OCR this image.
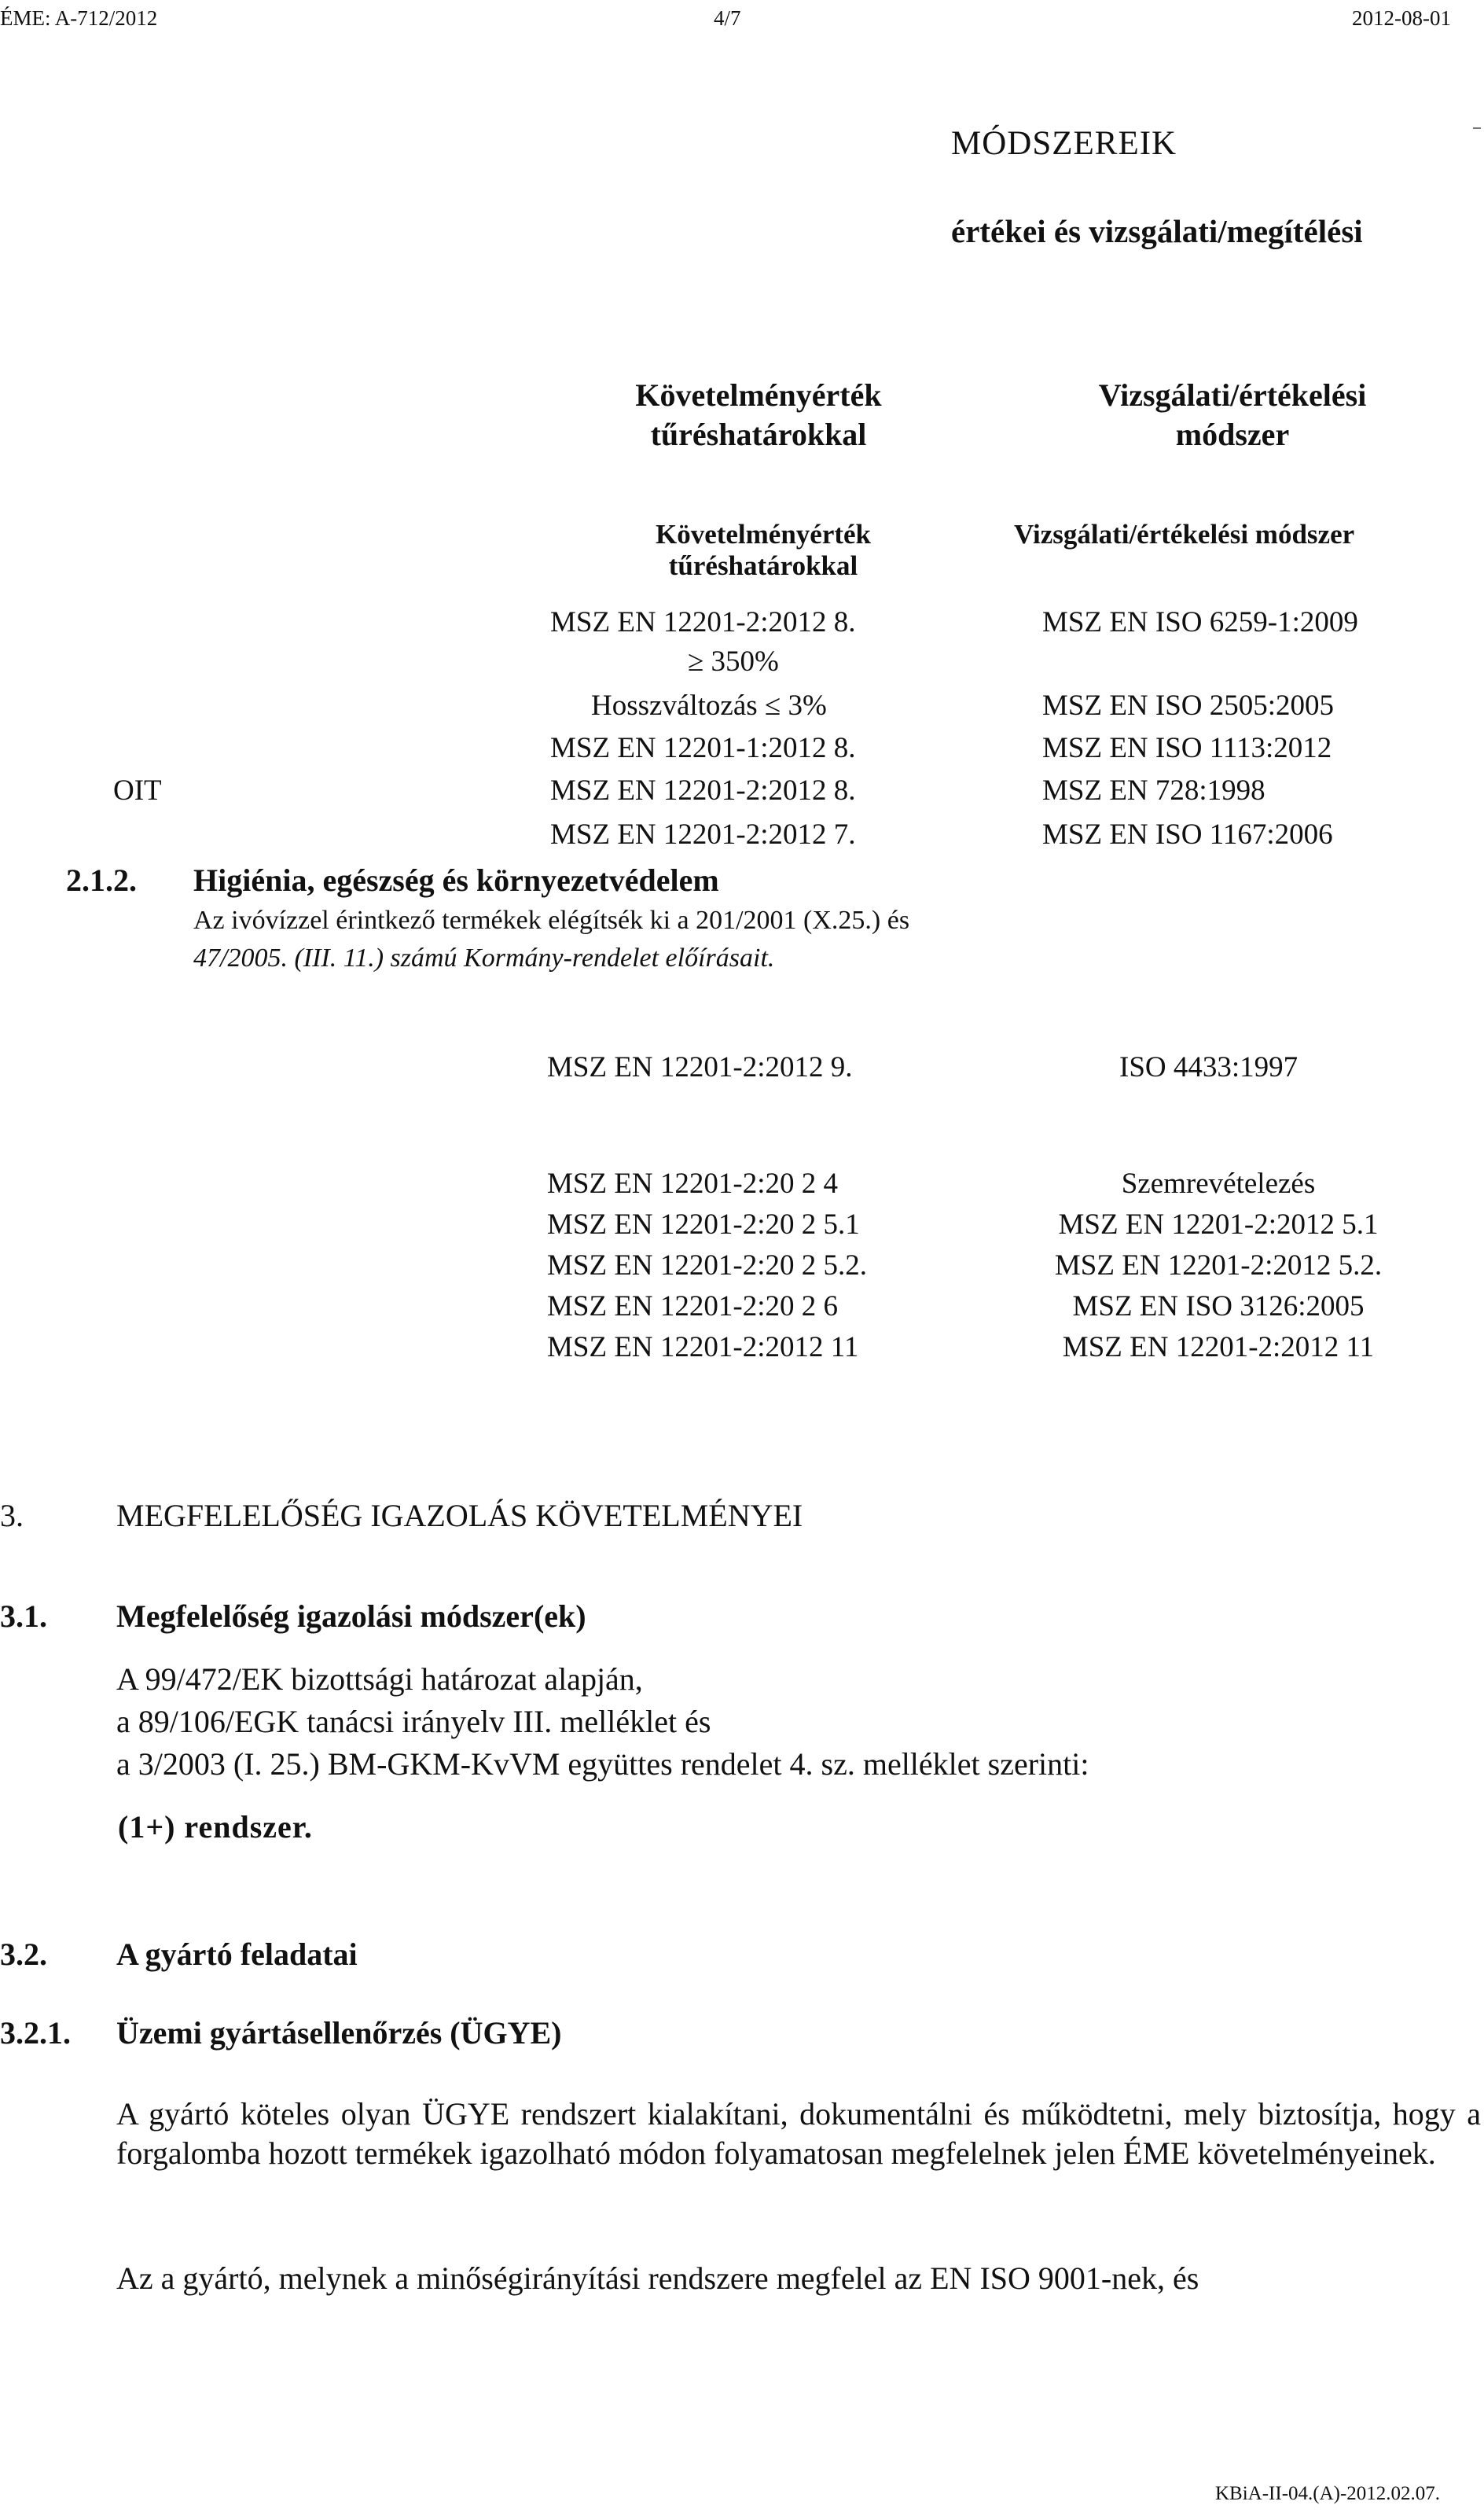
ÉME: A-712/2012	4/7	2012-08-01
MÓDSZEREIK
értékei és vizsgálati/megítélési
Követelményérték
tűréshatárokkal
Vizsgálati/értékelési
módszer
Követelményérték
tűréshatárokkal
Vizsgálati/értékelési módszer
MSZ EN 12201-2:2012 8.	MSZ EN ISO 6259-1:2009
≥ 350%
Hosszváltozás ≤ 3%	MSZ EN ISO 2505:2005
MSZ EN 12201-1:2012 8.	MSZ EN ISO 1113:2012
OIT	MSZ EN 12201-2:2012 8.	MSZ EN 728:1998
MSZ EN 12201-2:2012 7.	MSZ EN ISO 1167:2006
2.1.2. Higiénia, egészség és környezetvédelem
Az ivóvízzel érintkező termékek elégítsék ki a 201/2001 (X.25.) és
47/2005. (III. 11.) számú Kormány-rendelet előírásait.
MSZ EN 12201-2:2012 9.	ISO 4433:1997
MSZ EN 12201-2:20 2 4	Szemrevételezés
MSZ EN 12201-2:20 2 5.1	MSZ EN 12201-2:2012 5.1
MSZ EN 12201-2:20 2 5.2.	MSZ EN 12201-2:2012 5.2.
MSZ EN 12201-2:20 2 6	MSZ EN ISO 3126:2005
MSZ EN 12201-2:2012 11	MSZ EN 12201-2:2012 11
3.	MEGFELELŐSÉG IGAZOLÁS KÖVETELMÉNYEI
3.1. Megfelelőség igazolási módszer(ek)
A 99/472/EK bizottsági határozat alapján,
a 89/106/EGK tanácsi irányelv III. melléklet és
a 3/2003 (I. 25.) BM-GKM-KvVM együttes rendelet 4. sz. melléklet szerinti:
(1+) rendszer.
3.2. A gyártó feladatai
3.2.1. Üzemi gyártásellenőrzés (ÜGYE)
A gyártó köteles olyan ÜGYE rendszert kialakítani, dokumentálni és működtetni, mely biztosítja, hogy a forgalomba hozott termékek igazolható módon folyamatosan megfelelnek jelen ÉME követelményeinek.
Az a gyártó, melynek a minőségirányítási rendszere megfelel az EN ISO 9001-nek, és
KBiA-II-04.(A)-2012.02.07.
